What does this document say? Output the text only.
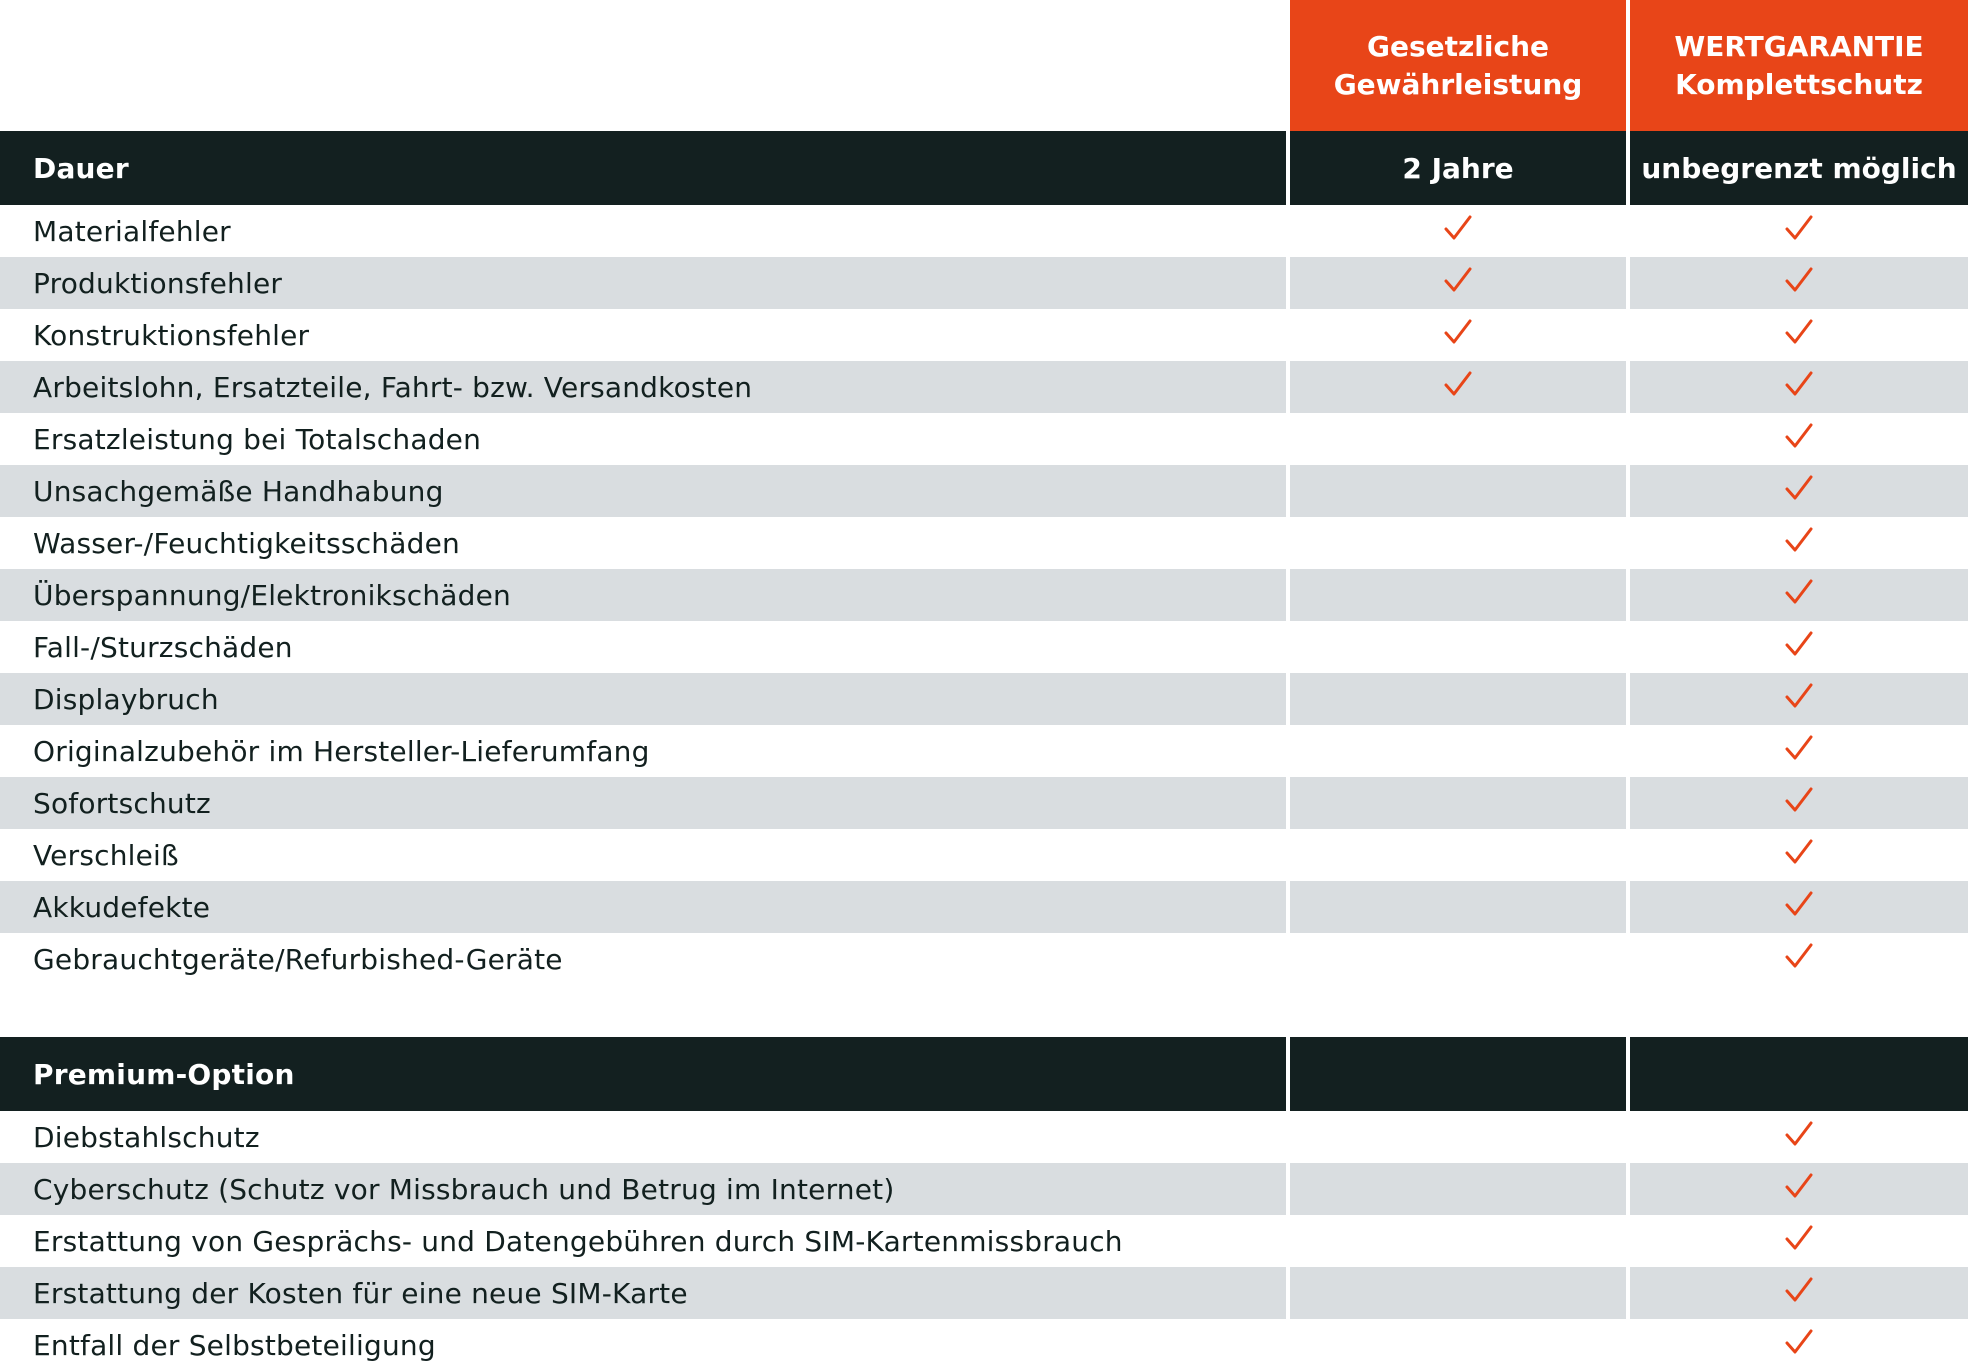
Gesetzliche
Gewährleistung
WERTGARANTIE
Komplettschutz
Dauer	2 Jahre	unbegrenzt möglich
Materialfehler
Produktionsfehler
Konstruktionsfehler
Arbeitslohn, Ersatzteile, Fahrt- bzw. Versandkosten
Ersatzleistung bei Totalschaden
Unsachgemäße Handhabung
Wasser-/Feuchtigkeitsschäden
Überspannung/Elektronikschäden
Fall-/Sturzschäden
Displaybruch
Originalzubehör im Hersteller-Lieferumfang
Sofortschutz
Verschleiß
Akkudefekte
Gebrauchtgeräte/Refurbished-Geräte
Premium-Option
Diebstahlschutz
Cyberschutz (Schutz vor Missbrauch und Betrug im Internet)
Erstattung von Gesprächs- und Datengebühren durch SIM-Kartenmissbrauch
Erstattung der Kosten für eine neue SIM-Karte
Entfall der Selbstbeteiligung
